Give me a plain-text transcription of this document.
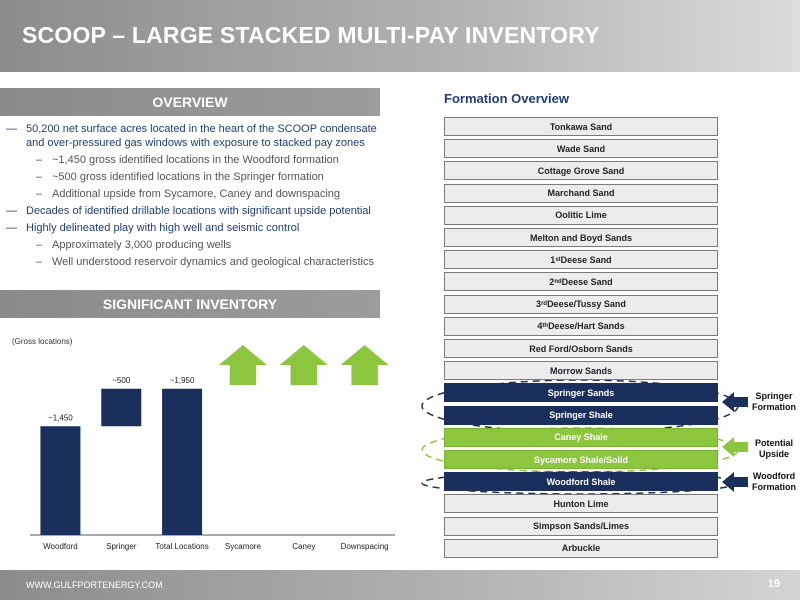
SCOOP – LARGE STACKED MULTI-PAY INVENTORY
OVERVIEW
— 50,200 net surface acres located in the heart of the SCOOP condensate and over-pressured gas windows with exposure to stacked pay zones
– ~1,450 gross identified locations in the Woodford formation
– ~500 gross identified locations in the Springer formation
– Additional upside from Sycamore, Caney and downspacing
— Decades of identified drillable locations with significant upside potential
— Highly delineated play with high well and seismic control
– Approximately 3,000 producing wells
– Well understood reservoir dynamics and geological characteristics
SIGNIFICANT INVENTORY
(Gross locations)
Woodford
~1,450
Springer
~500
Total Locations
~1,950
Sycamore	Caney	Downspacing
Formation Overview
Tonkawa Sand
Wade Sand
Cottage Grove Sand
Marchand Sand
Oolitic Lime
Melton and Boyd Sands
1 st Deese Sand
2 nd Deese Sand
3 rd Deese/Tussy Sand
4 th Deese/Hart Sands
Red Ford/Osborn Sands
Morrow Sands
Springer Sands
Springer Shale
Caney Shale
Sycamore Shale/Solid
Woodford Shale
Hunton Lime
Simpson Sands/Limes
Arbuckle
Springer
Formation
Potential
Upside
Woodford
Formation
WWW.GULFPORTENERGY.COM	19
